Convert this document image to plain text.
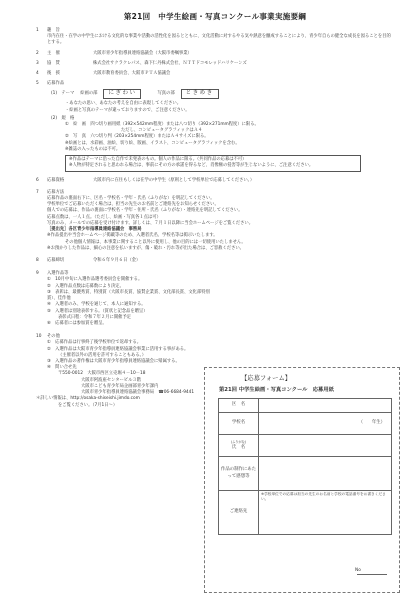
第21回　中学生絵画・写真コンクール事業実施要綱
1	趣　旨
市内在住・在学の中学生における文化的な事業や活動の活性化を図るとともに、文化活動に対するやる気や熱意を醸成することにより、青少年自らの健全な成長を図ることを目的とする。
2	主　催	大阪市青少年指導員連絡協議会（大阪市委嘱事業）
3	協　賛	株式会社サクラクレパス、森下仁丹株式会社、ＮＴＴドコモレッドハリケーンズ
4	後　援	大阪市教育委員会、大阪市ＰＴＡ協議会
5	応募作品
(1)　テーマ 絵画の部	にぎわい	写真の部	ときめき
・あなたの思い、あなたの考えを自由に表現してください。
・絵画と写真のテーマが違っておりますので、ご注意ください。
(2)　規　格
①　絵　画　四つ切り画用紙（392×542mm程度）または八つ切り（392×271mm程度）に限る。
ただし、コンピュータグラフィックはＡ４
②　写　真　六つ切り判（203×254mm程度）またはＡ４サイズに限る。
※絵画とは、水彩画、油絵、切り絵、版画、イラスト、コンピュータグラフィックを含む。
※雑誌の入ったものは不可。
※作品はテーマに沿った自作で未発表のもの。個人の作品に限る。（共同作品の応募は不可）
※人物が特定されると思われる場合は、事前にその方の承諾を得るなど、肖像権の侵害等が生じないように、ご注意ください。
6	応募資格	大阪市内に在住もしくは在学の中学生（原則として学校単位で応募してください。）
7	応募方法
応募作品の裏面右下に、区名・学校名・学年・氏名（ふりがな）を明記してください。
学校単位でご応募いただく場合は、担当の先生のお名前とご連絡先をお知らせください。
個人での応募は、作品の裏面に学校名・学年・住所・氏名（ふりがな）・連絡先を明記してください。
応募点数は、一人１点。（ただし、絵画・写真各１点は可）
写真のみ、メールでの応募を受け付けます。詳しくは、７月１日以降に当会ホームページをご覧ください。
［提出先］各区青少年指導員連絡協議会　事務局
※作品提出や当会ホームページ掲載等のため、入選者氏名、学校名等は掲示いたします。
その他個人情報は、本事業に関すること以外に使用し、他の目的には一切使用いたしません。
※お預かりした作品は、細心の注意を払いますが、傷・破れ・汚れ等が出た場合は、ご容赦ください。
8	応募締切	令和６年９月６日（金）
9	入選作品等
①　10月中旬に入選作品選考委員会を開催する。
②　入選作品点数は応募数により決定。
③　表彰は、最優秀賞、特別賞（大阪市長賞、協賛企業賞、文化部長賞、文化部特別賞）、佳作他
④　入選者のみ、学校を通じて、本人に通知する。
⑤　入選者は別途表彰する。（賞状と記念品を贈呈）
表彰式日程：令和７年２月に開催予定
⑥　応募者には参加賞を贈呈。
10	その他
①　応募作品は行事終了後学校単位で返却する。
②　入選作品は大阪市青少年指導員連絡協議会事業に活用する事がある。
（主催者以外の活用を許可することもある。）
③　入選作品の著作権は大阪市青少年指導員連絡協議会に帰属する。
④　問い合せ先
〒550-0012　大阪市西区立売堀４－10－18
大阪市阿波座センタービル３階
大阪市こども青少年局企画部青少年課内
大阪市青少年指導員連絡協議会事務局　☎06-6684-9441
＊詳しい情報は、http://osaka-shiseishi.jimdo.com
をご覧ください。（7月1日～）
【応募フォーム】
第21回 中学生絵画・写真コンクール　応募用紙
区　名	
学校名	（　　年生）

(ふりがな)
氏　名	
作品の制作にあたって感想等	
ご連絡先	※学校単位での応募は担当の先生のお名前と学校の電話番号をお書きください。
No
